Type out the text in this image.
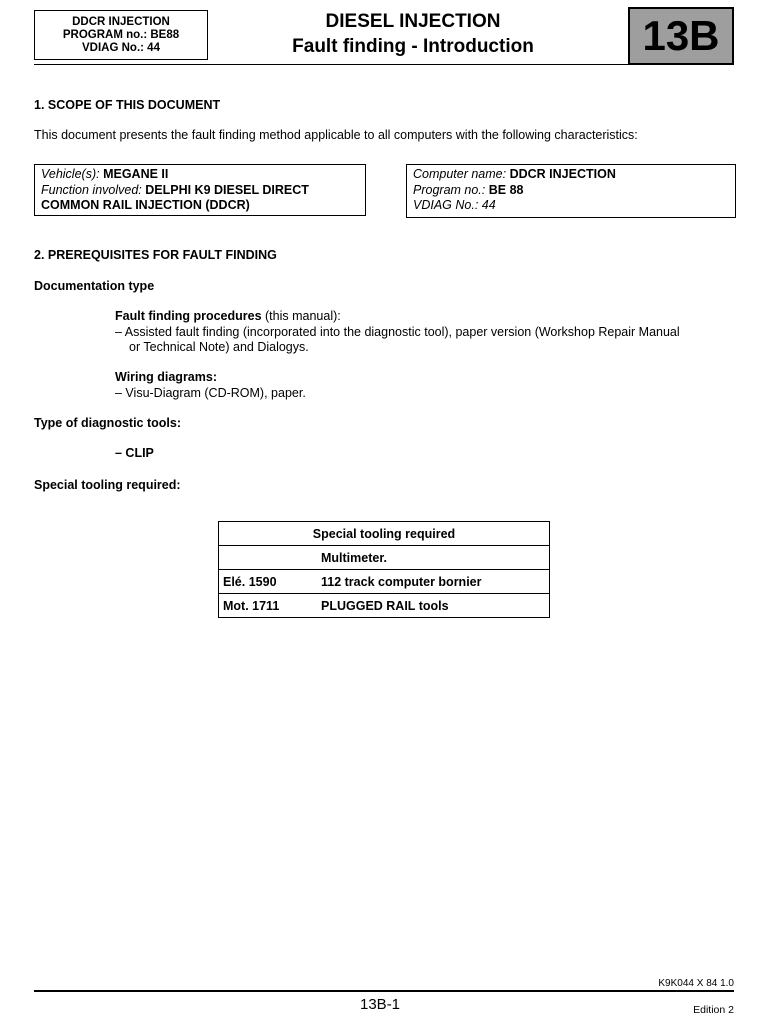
DDCR INJECTION
PROGRAM no.: BE88
VDIAG No.: 44
DIESEL INJECTION
Fault finding - Introduction	13B
1. SCOPE OF THIS DOCUMENT
This document presents the fault finding method applicable to all computers with the following characteristics:
Vehicle(s): MEGANE II
Function involved: DELPHI K9 DIESEL DIRECT
COMMON RAIL INJECTION (DDCR)
Computer name: DDCR INJECTION
Program no.: BE 88
VDIAG No.: 44
2. PREREQUISITES FOR FAULT FINDING
Documentation type
Fault finding procedures (this manual):
– Assisted fault finding (incorporated into the diagnostic tool), paper version (Workshop Repair Manual
or Technical Note) and Dialogys.
Wiring diagrams:
– Visu-Diagram (CD-ROM), paper.
Type of diagnostic tools:
– CLIP
Special tooling required:
Special tooling required	
	Multimeter.
Elé. 1590	112 track computer bornier
Mot. 1711	PLUGGED RAIL tools
K9K044 X 84 1.0
13B-1	Edition 2
